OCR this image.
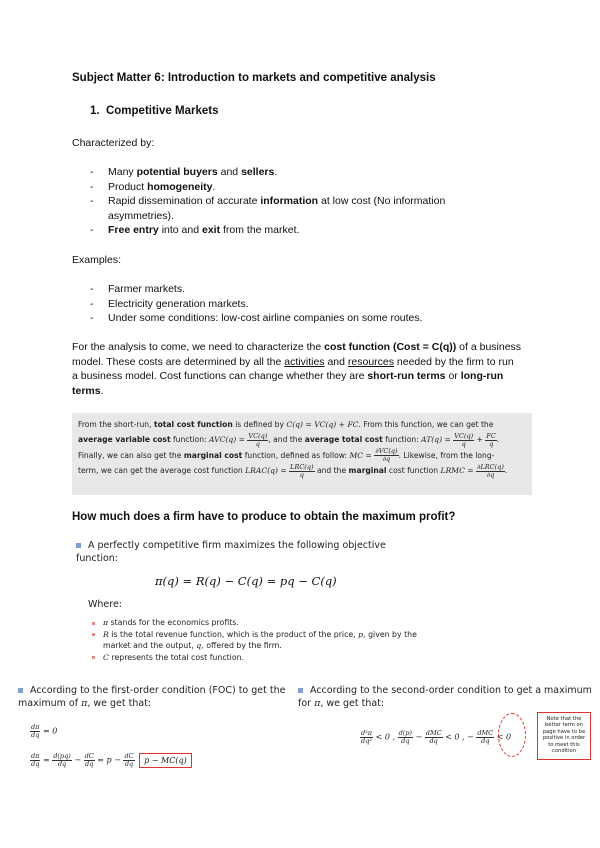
Subject Matter 6: Introduction to markets and competitive analysis
1.  Competitive Markets
Characterized by:
- Many potential buyers and sellers.
- Product homogeneity.
- Rapid dissemination of accurate information at low cost (No information asymmetries).
- Free entry into and exit from the market.
Examples:
- Farmer markets.
- Electricity generation markets.
- Under some conditions: low-cost airline companies on some routes.
For the analysis to come, we need to characterize the cost function (Cost = C(q)) of a business model. These costs are determined by all the activities and resources needed by the firm to run a business model. Cost functions can change whether they are short-run terms or long-run terms.
From the short-run, total cost function is defined by C(q) = VC(q) + FC. From this function, we can get the
average variable cost function: $AVC(q) = \frac{VC(q)}{q}$ , and the average total cost function: $AT(q) = \frac{VC(q)}{q} + \frac{FC}{q}$ .
Finally, we can also get the marginal cost function, defined as follow: MC = $\frac{\partial VC(q)}{\partial q}$ . Likewise, from the long-
term, we can get the average cost function LRAC(q) = $\frac{\text{LRC(q)}}{q}$ and the marginal cost function LRMC = $\frac{\text{∂LRC(q)}}{\partial q}$ .
How much does a firm have to produce to obtain the maximum profit?
A perfectly competitive firm maximizes the following objective function:
π(q) = R(q) − C(q) = pq − C(q)
Where:
π stands for the economics profits.
R is the total revenue function, which is the product of the price, p, given by the market and the output, q, offered by the firm.
C represents the total cost function.
According to the first-order condition (FOC) to get the maximum of π, we get that:
$\frac{d\pi}{dq} = 0$
$\frac{d\pi}{dq} = \frac{d(pq)}{dq} - \frac{dC}{dq} = p - \frac{dC}{dq}$ p − MC(q)
According to the second-order condition to get a maximum for π, we get that:
$\frac{\text{d²π}}{\text{dq²}} < 0$ , $\frac{d(p)}{dq} - \frac{\text{dMC}}{dq} < 0$ , − $\frac{\text{dMC}}{dq} < 0$
Note that the better term on page have to be positive in order to meet this condition
